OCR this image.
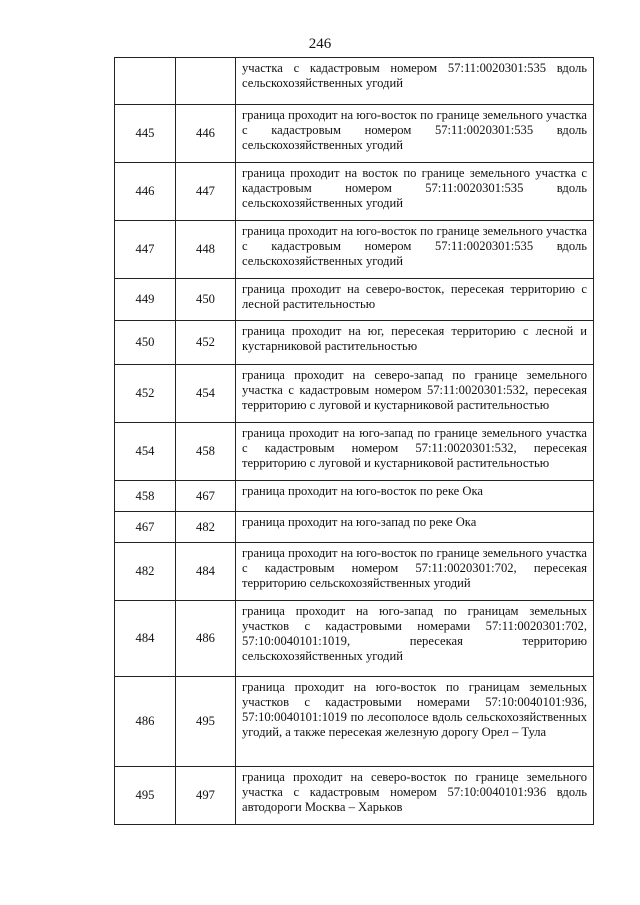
246
		участка с кадастровым номером 57:11:0020301:535 вдоль сельскохозяйственных угодий
445	446	граница проходит на юго-восток по границе земельного участка с кадастровым номером 57:11:0020301:535 вдоль сельскохозяйственных угодий
446	447	граница проходит на восток по границе земельного участка с кадастровым номером 57:11:0020301:535 вдоль сельскохозяйственных угодий
447	448	граница проходит на юго-восток по границе земельного участка с кадастровым номером 57:11:0020301:535 вдоль сельскохозяйственных угодий
449	450	граница проходит на северо-восток, пересекая территорию с лесной растительностью
450	452	граница проходит на юг, пересекая территорию с лесной и кустарниковой растительностью
452	454	граница проходит на северо-запад по границе земельного участка с кадастровым номером 57:11:0020301:532, пересекая территорию с луговой и кустарниковой растительностью
454	458	граница проходит на юго-запад по границе земельного участка с кадастровым номером 57:11:0020301:532, пересекая территорию с луговой и кустарниковой растительностью
458	467	граница проходит на юго-восток по реке Ока
467	482	граница проходит на юго-запад по реке Ока
482	484	граница проходит на юго-восток по границе земельного участка с кадастровым номером 57:11:0020301:702, пересекая территорию сельскохозяйственных угодий
484	486	граница проходит на юго-запад по границам земельных участков с кадастровыми номерами 57:11:0020301:702, 57:10:0040101:1019, пересекая территорию сельскохозяйственных угодий
486	495	граница проходит на юго-восток по границам земельных участков с кадастровыми номерами 57:10:0040101:936, 57:10:0040101:1019 по лесополосе вдоль сельскохозяйственных угодий, а также пересекая железную дорогу Орел – Тула
495	497	граница проходит на северо-восток по границе земельного участка с кадастровым номером 57:10:0040101:936 вдоль автодороги Москва – Харьков
